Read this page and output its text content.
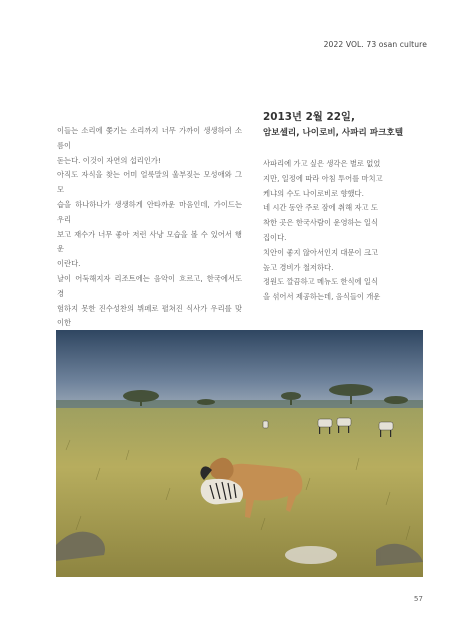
2022 VOL. 73 osan culture

이들는 소리에 쫓기는 소리까지 너무 가까이 생생하여 소름이
돋는다. 이것이 자연의 섭리인가!

아직도 자식을 찾는 어미 얼룩말의 울부짖는 모성애와 그 모
습을 하나하나가 생생하게 안타까운 마음인데, 가이드는 우리
보고 재수가 너무 좋아 저런 사냥 모습을 볼 수 있어서 행운
이란다.

날이 어둑해지자 리조트에는 음악이 흐르고, 한국에서도 경
험하지 못한 진수성찬의 뷔페로 펼쳐진 식사가 우리를 맞이한

2013년 2월 22일,
암보셀리, 나이로비, 사파리 파크호텔

사파리에 가고 싶은 생각은 별로 없었
지만, 일정에 따라 아침 투어를 마치고
케냐의 수도 나이로비로 향했다.

네 시간 동안 주로 잠에 취해 자고 도
착한 곳은 한국사람이 운영하는 일식
집이다.

치안이 좋지 않아서인지 대문이 크고
높고 경비가 철저하다.

정원도 깔끔하고 메뉴도 한식에 일식
을 섞어서 제공하는데, 음식들이 개운

57
